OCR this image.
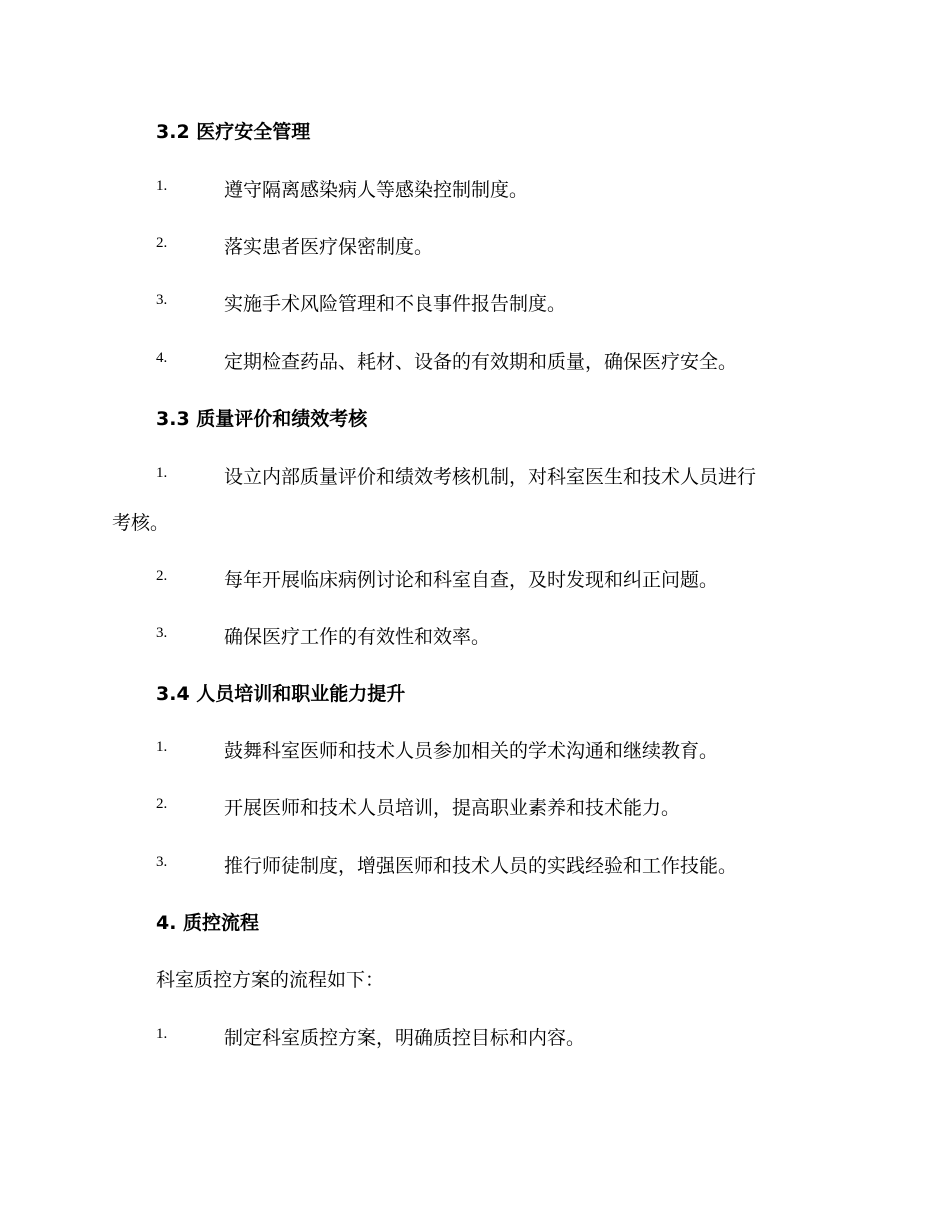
3.2 医疗安全管理
1.	遵守隔离感染病人等感染控制制度。
2.	落实患者医疗保密制度。
3.	实施手术风险管理和不良事件报告制度。
4.	定期检查药品、耗材、设备的有效期和质量，确保医疗安全。
3.3 质量评价和绩效考核
1.	设立内部质量评价和绩效考核机制，对科室医生和技术人员进行
考核。
2.	每年开展临床病例讨论和科室自查，及时发现和纠正问题。
3.	确保医疗工作的有效性和效率。
3.4 人员培训和职业能力提升
1.	鼓舞科室医师和技术人员参加相关的学术沟通和继续教育。
2.	开展医师和技术人员培训，提高职业素养和技术能力。
3.	推行师徒制度，增强医师和技术人员的实践经验和工作技能。
4. 质控流程
科室质控方案的流程如下：
1.	制定科室质控方案，明确质控目标和内容。
